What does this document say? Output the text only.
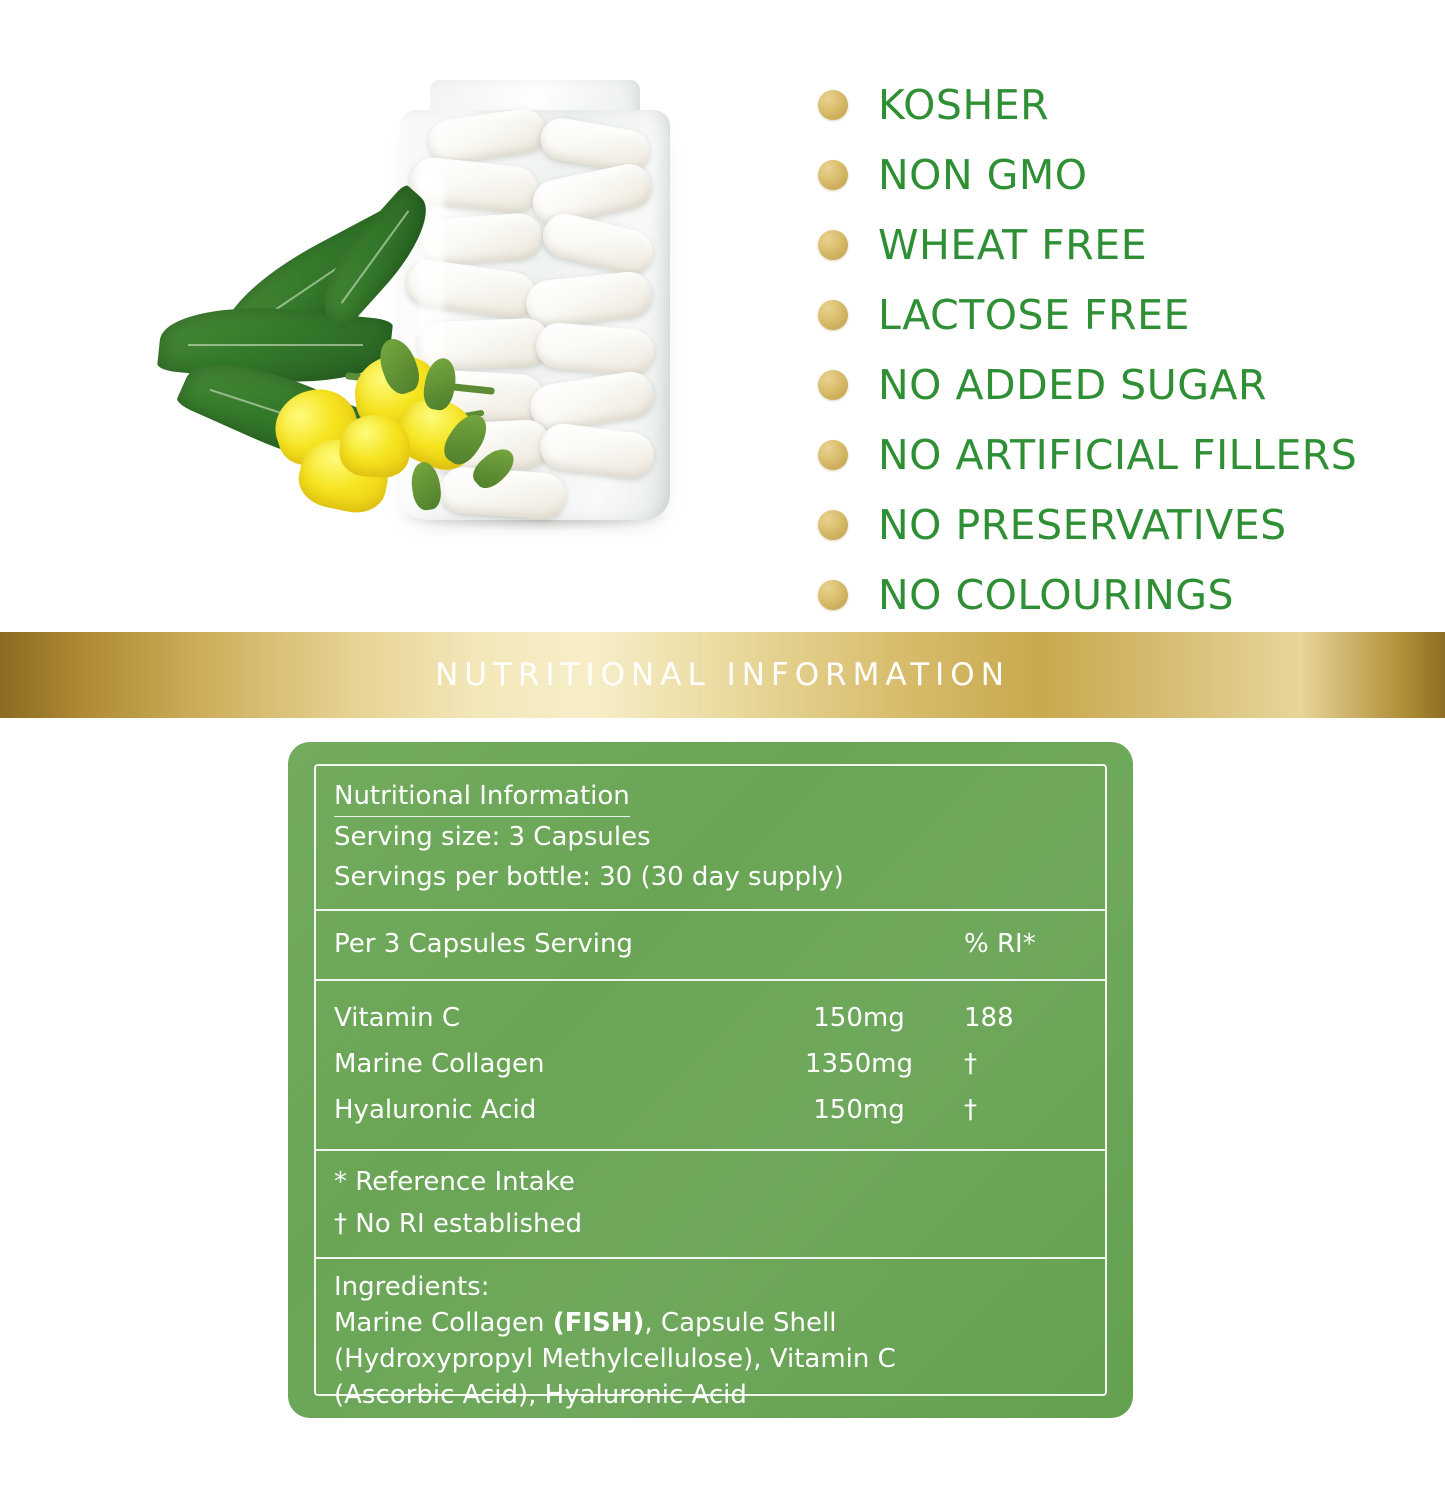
KOSHER
NON GMO
WHEAT FREE
LACTOSE FREE
NO ADDED SUGAR
NO ARTIFICIAL FILLERS
NO PRESERVATIVES
NO COLOURINGS
NUTRITIONAL INFORMATION
Nutritional Information
Serving size: 3 Capsules
Servings per bottle: 30 (30 day supply)
Per 3 Capsules Serving	% RI*
Vitamin C	150mg	188
Marine Collagen	1350mg	†
Hyaluronic Acid	150mg	†
* Reference Intake
† No RI established
Ingredients:
Marine Collagen (FISH), Capsule Shell
(Hydroxypropyl Methylcellulose), Vitamin C
(Ascorbic Acid), Hyaluronic Acid
(The Marine Collagen does not
originate from the UK)
